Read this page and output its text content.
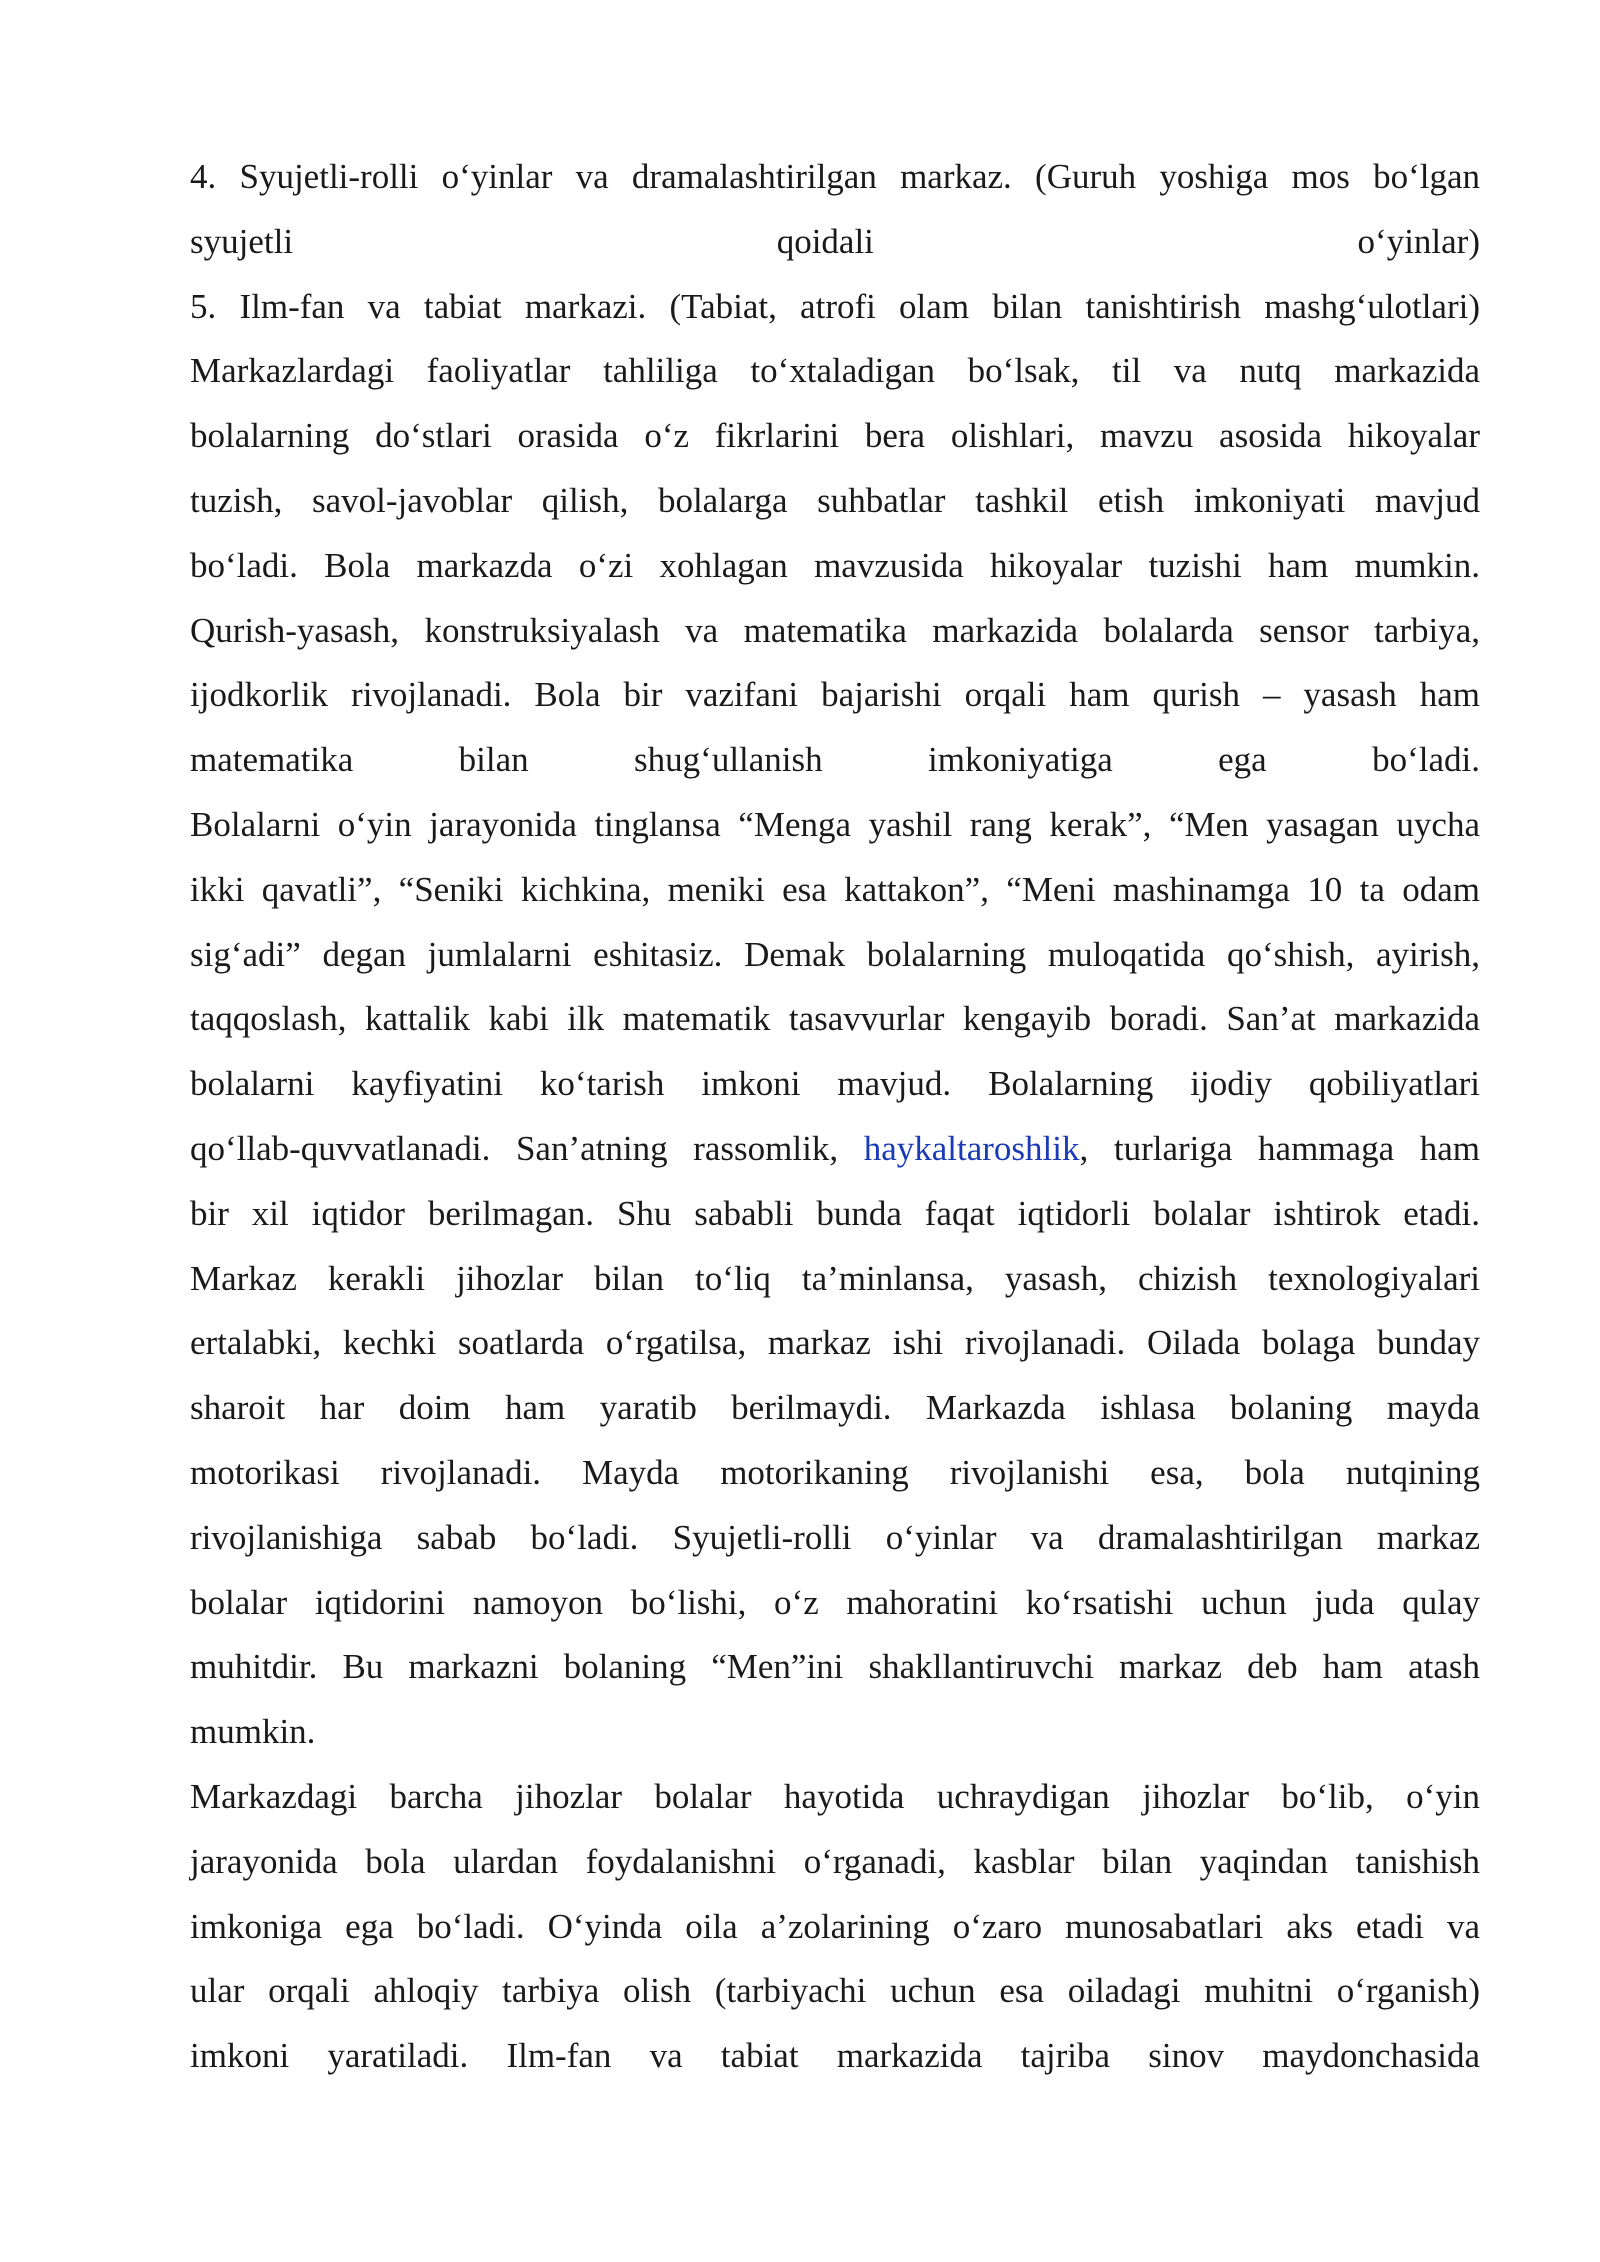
4. Syujetli-rolli o‘yinlar va dramalashtirilgan markaz. (Guruh yoshiga mos bo‘lgan
syujetli qoidali o‘yinlar)
5. Ilm-fan va tabiat markazi. (Tabiat, atrofi olam bilan tanishtirish mashg‘ulotlari)
Markazlardagi faoliyatlar tahliliga to‘xtaladigan bo‘lsak, til va nutq markazida
bolalarning do‘stlari orasida o‘z fikrlarini bera olishlari, mavzu asosida hikoyalar
tuzish, savol-javoblar qilish, bolalarga suhbatlar tashkil etish imkoniyati mavjud
bo‘ladi. Bola markazda o‘zi xohlagan mavzusida hikoyalar tuzishi ham mumkin.
Qurish-yasash, konstruksiyalash va matematika markazida bolalarda sensor tarbiya,
ijodkorlik rivojlanadi. Bola bir vazifani bajarishi orqali ham qurish – yasash ham
matematika bilan shug‘ullanish imkoniyatiga ega bo‘ladi.
Bolalarni o‘yin jarayonida tinglansa “Menga yashil rang kerak”, “Men yasagan uycha
ikki qavatli”, “Seniki kichkina, meniki esa kattakon”, “Meni mashinamga 10 ta odam
sig‘adi” degan jumlalarni eshitasiz. Demak bolalarning muloqatida qo‘shish, ayirish,
taqqoslash, kattalik kabi ilk matematik tasavvurlar kengayib boradi. San’at markazida
bolalarni kayfiyatini ko‘tarish imkoni mavjud. Bolalarning ijodiy qobiliyatlari
qo‘llab-quvvatlanadi. San’atning rassomlik, haykaltaroshlik, turlariga hammaga ham
bir xil iqtidor berilmagan. Shu sababli bunda faqat iqtidorli bolalar ishtirok etadi.
Markaz kerakli jihozlar bilan to‘liq ta’minlansa, yasash, chizish texnologiyalari
ertalabki, kechki soatlarda o‘rgatilsa, markaz ishi rivojlanadi. Oilada bolaga bunday
sharoit har doim ham yaratib berilmaydi. Markazda ishlasa bolaning mayda
motorikasi rivojlanadi. Mayda motorikaning rivojlanishi esa, bola nutqining
rivojlanishiga sabab bo‘ladi. Syujetli-rolli o‘yinlar va dramalashtirilgan markaz
bolalar iqtidorini namoyon bo‘lishi, o‘z mahoratini ko‘rsatishi uchun juda qulay
muhitdir. Bu markazni bolaning “Men”ini shakllantiruvchi markaz deb ham atash
mumkin.
Markazdagi barcha jihozlar bolalar hayotida uchraydigan jihozlar bo‘lib, o‘yin
jarayonida bola ulardan foydalanishni o‘rganadi, kasblar bilan yaqindan tanishish
imkoniga ega bo‘ladi. O‘yinda oila a’zolarining o‘zaro munosabatlari aks etadi va
ular orqali ahloqiy tarbiya olish (tarbiyachi uchun esa oiladagi muhitni o‘rganish)
imkoni yaratiladi. Ilm-fan va tabiat markazida tajriba sinov maydonchasida
